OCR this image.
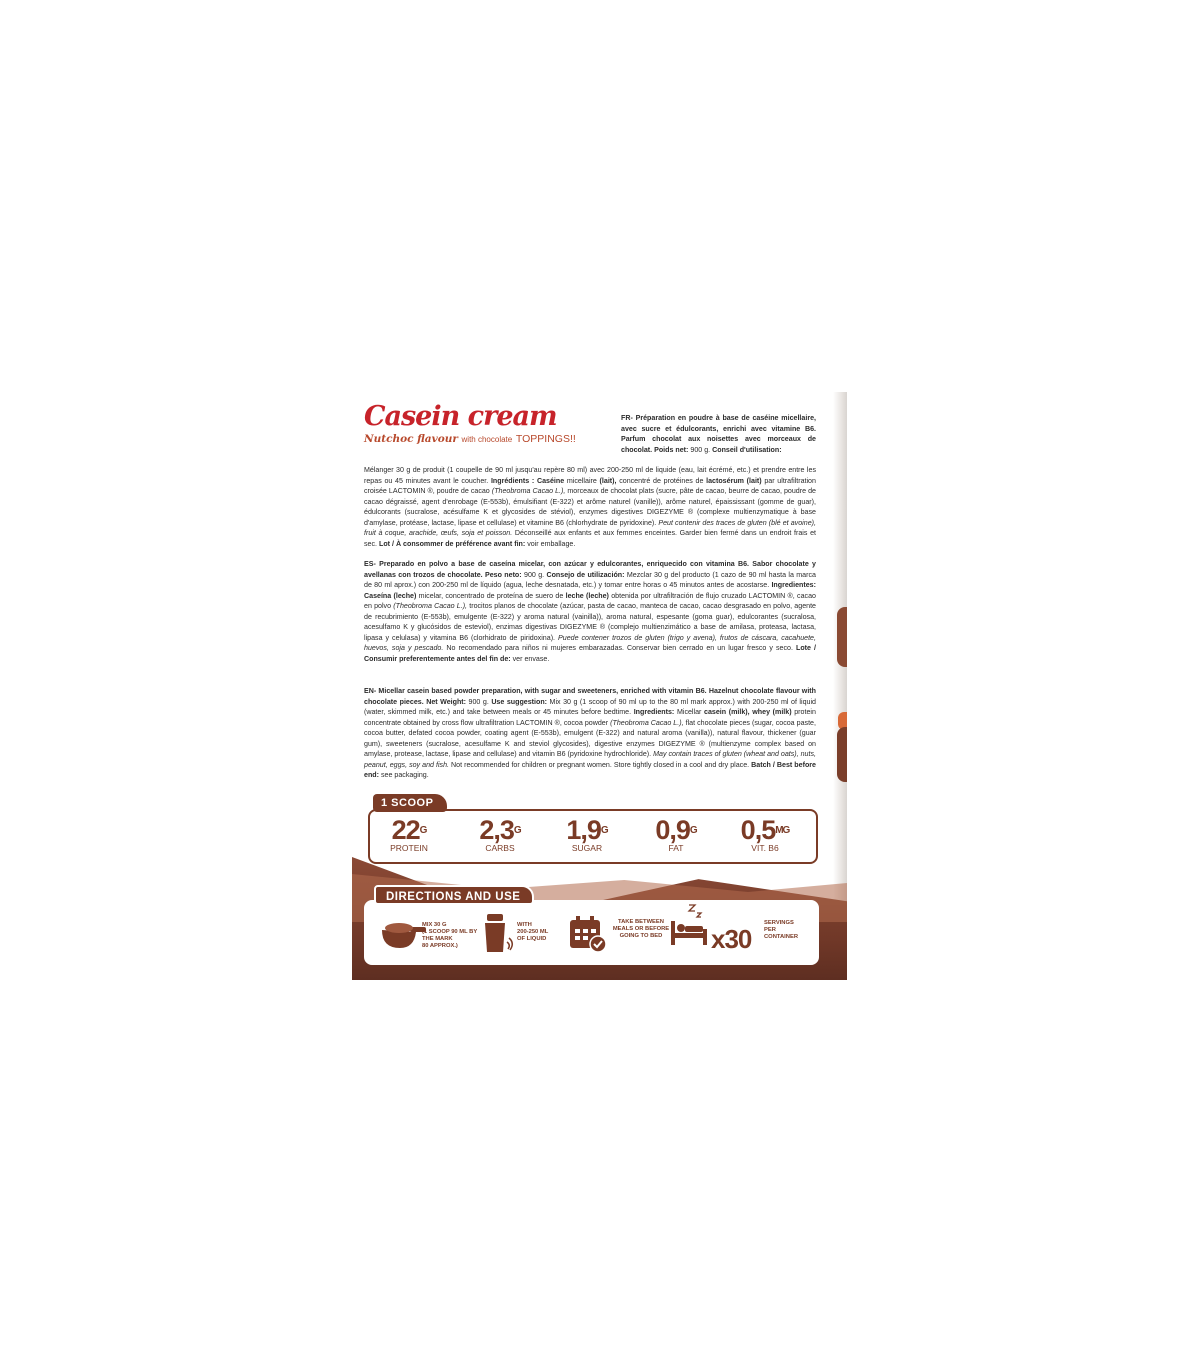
Casein cream
Nutchoc flavour with chocolate TOPPINGS!!
FR- Préparation en poudre à base de caséine micellaire, avec sucre et édulcorants, enrichi avec vitamine B6. Parfum chocolat aux noisettes avec morceaux de chocolat. Poids net: 900 g. Conseil d'utilisation:
Mélanger 30 g de produit (1 coupelle de 90 ml jusqu'au repère 80 ml) avec 200-250 ml de liquide (eau, lait écrémé, etc.) et prendre entre les repas ou 45 minutes avant le coucher. Ingrédients : Caséine micellaire (lait), concentré de protéines de lactosérum (lait) par ultrafiltration croisée LACTOMIN ®, poudre de cacao (Theobroma Cacao L.), morceaux de chocolat plats (sucre, pâte de cacao, beurre de cacao, poudre de cacao dégraissé, agent d'enrobage (E-553b), émulsifiant (E-322) et arôme naturel (vanille)), arôme naturel, épaississant (gomme de guar), édulcorants (sucralose, acésulfame K et glycosides de stéviol), enzymes digestives DIGEZYME ® (complexe multienzymatique à base d'amylase, protéase, lactase, lipase et cellulase) et vitamine B6 (chlorhydrate de pyridoxine). Peut contenir des traces de gluten (blé et avoine), fruit à coque, arachide, œufs, soja et poisson. Déconseillé aux enfants et aux femmes enceintes. Garder bien fermé dans un endroit frais et sec. Lot / À consommer de préférence avant fin: voir emballage.
ES- Preparado en polvo a base de caseína micelar, con azúcar y edulcorantes, enriquecido con vitamina B6. Sabor chocolate y avellanas con trozos de chocolate. Peso neto: 900 g. Consejo de utilización: Mezclar 30 g del producto (1 cazo de 90 ml hasta la marca de 80 ml aprox.) con 200-250 ml de líquido (agua, leche desnatada, etc.) y tomar entre horas o 45 minutos antes de acostarse. Ingredientes: Caseína (leche) micelar, concentrado de proteína de suero de leche (leche) obtenida por ultrafiltración de flujo cruzado LACTOMIN ®, cacao en polvo (Theobroma Cacao L.), trocitos planos de chocolate (azúcar, pasta de cacao, manteca de cacao, cacao desgrasado en polvo, agente de recubrimiento (E-553b), emulgente (E-322) y aroma natural (vainilla)), aroma natural, espesante (goma guar), edulcorantes (sucralosa, acesulfamo K y glucósidos de esteviol), enzimas digestivas DIGEZYME ® (complejo multienzimático a base de amilasa, proteasa, lactasa, lipasa y celulasa) y vitamina B6 (clorhidrato de piridoxina). Puede contener trozos de gluten (trigo y avena), frutos de cáscara, cacahuete, huevos, soja y pescado. No recomendado para niños ni mujeres embarazadas. Conservar bien cerrado en un lugar fresco y seco. Lote / Consumir preferentemente antes del fin de: ver envase.
EN- Micellar casein based powder preparation, with sugar and sweeteners, enriched with vitamin B6. Hazelnut chocolate flavour with chocolate pieces. Net Weight: 900 g. Use suggestion: Mix 30 g (1 scoop of 90 ml up to the 80 ml mark approx.) with 200-250 ml of liquid (water, skimmed milk, etc.) and take between meals or 45 minutes before bedtime. Ingredients: Micellar casein (milk), whey (milk) protein concentrate obtained by cross flow ultrafiltration LACTOMIN ®, cocoa powder (Theobroma Cacao L.), flat chocolate pieces (sugar, cocoa paste, cocoa butter, defated cocoa powder, coating agent (E-553b), emulgent (E-322) and natural aroma (vanilla)), natural flavour, thickener (guar gum), sweeteners (sucralose, acesulfame K and steviol glycosides), digestive enzymes DIGEZYME ® (multienzyme complex based on amylase, protease, lactase, lipase and cellulase) and vitamin B6 (pyridoxine hydrochloride). May contain traces of gluten (wheat and oats), nuts, peanut, eggs, soy and fish. Not recommended for children or pregnant women. Store tightly closed in a cool and dry place. Batch / Best before end: see packaging.
$22^G$
PROTEIN
$2,3^G$
CARBS
$1,9^G$
SUGAR
$0,9^G$
FAT
$0,5^{MG}$
VIT. B6
1 SCOOP
MIX 30 G
(1 SCOOP 90 ML BY
THE MARK
80 APPROX.)
WITH
200-250 ML
OF LIQUID
TAKE BETWEEN
MEALS OR BEFORE
GOING TO BED	x30
SERVINGS
PER
CONTAINER
DIRECTIONS AND USE
